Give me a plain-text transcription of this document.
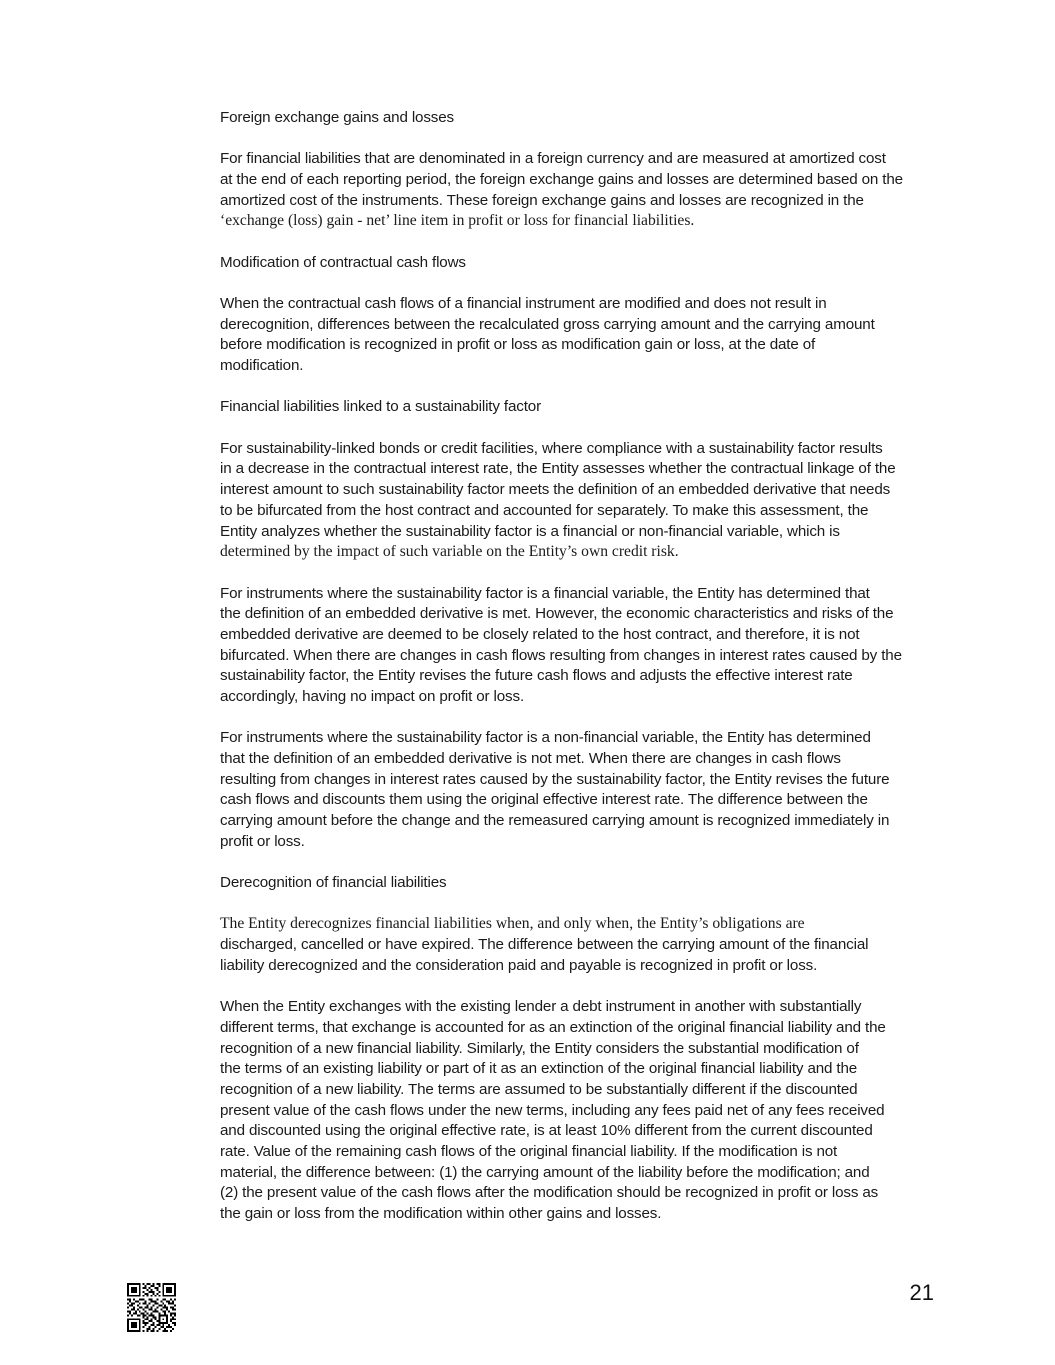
Foreign exchange gains and losses

For financial liabilities that are denominated in a foreign currency and are measured at amortized cost
at the end of each reporting period, the foreign exchange gains and losses are determined based on the
amortized cost of the instruments. These foreign exchange gains and losses are recognized in the
‘exchange (loss) gain - net’ line item in profit or loss for financial liabilities.

Modification of contractual cash flows

When the contractual cash flows of a financial instrument are modified and does not result in
derecognition, differences between the recalculated gross carrying amount and the carrying amount
before modification is recognized in profit or loss as modification gain or loss, at the date of
modification.

Financial liabilities linked to a sustainability factor

For sustainability-linked bonds or credit facilities, where compliance with a sustainability factor results
in a decrease in the contractual interest rate, the Entity assesses whether the contractual linkage of the
interest amount to such sustainability factor meets the definition of an embedded derivative that needs
to be bifurcated from the host contract and accounted for separately. To make this assessment, the
Entity analyzes whether the sustainability factor is a financial or non-financial variable, which is
determined by the impact of such variable on the Entity’s own credit risk.

For instruments where the sustainability factor is a financial variable, the Entity has determined that
the definition of an embedded derivative is met. However, the economic characteristics and risks of the
embedded derivative are deemed to be closely related to the host contract, and therefore, it is not
bifurcated. When there are changes in cash flows resulting from changes in interest rates caused by the
sustainability factor, the Entity revises the future cash flows and adjusts the effective interest rate
accordingly, having no impact on profit or loss.

For instruments where the sustainability factor is a non-financial variable, the Entity has determined
that the definition of an embedded derivative is not met. When there are changes in cash flows
resulting from changes in interest rates caused by the sustainability factor, the Entity revises the future
cash flows and discounts them using the original effective interest rate. The difference between the
carrying amount before the change and the remeasured carrying amount is recognized immediately in
profit or loss.

Derecognition of financial liabilities

The Entity derecognizes financial liabilities when, and only when, the Entity’s obligations are
discharged, cancelled or have expired. The difference between the carrying amount of the financial
liability derecognized and the consideration paid and payable is recognized in profit or loss.

When the Entity exchanges with the existing lender a debt instrument in another with substantially
different terms, that exchange is accounted for as an extinction of the original financial liability and the
recognition of a new financial liability. Similarly, the Entity considers the substantial modification of
the terms of an existing liability or part of it as an extinction of the original financial liability and the
recognition of a new liability. The terms are assumed to be substantially different if the discounted
present value of the cash flows under the new terms, including any fees paid net of any fees received
and discounted using the original effective rate, is at least 10% different from the current discounted
rate. Value of the remaining cash flows of the original financial liability. If the modification is not
material, the difference between: (1) the carrying amount of the liability before the modification; and
(2) the present value of the cash flows after the modification should be recognized in profit or loss as
the gain or loss from the modification within other gains and losses.

21
